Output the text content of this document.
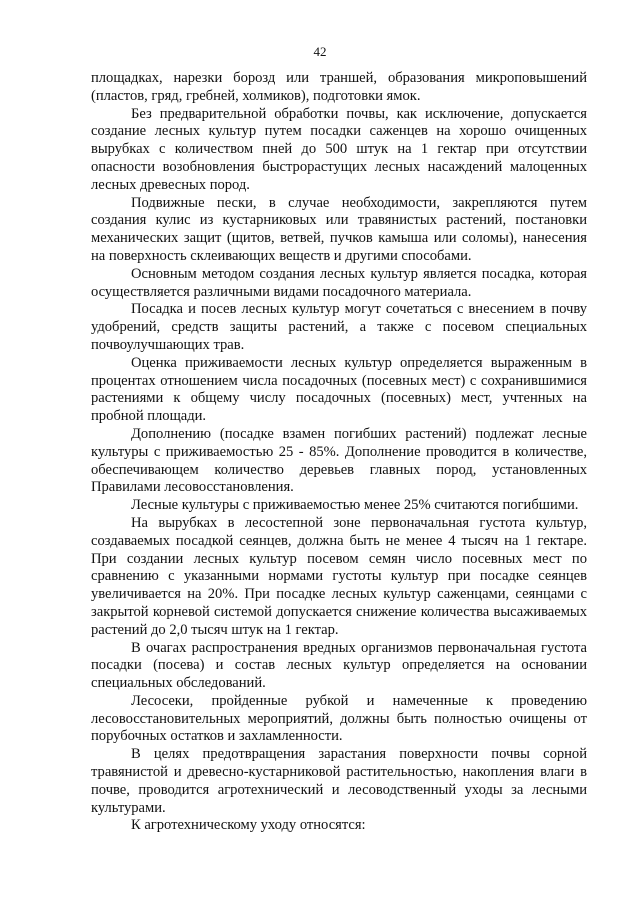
42

площадках, нарезки борозд или траншей, образования микроповышений (пластов, гряд, гребней, холмиков), подготовки ямок.

Без предварительной обработки почвы, как исключение, допускается создание лесных культур путем посадки саженцев на хорошо очищенных вырубках с количеством пней до 500 штук на 1 гектар при отсутствии опасности возобновления быстрорастущих лесных насаждений малоценных лесных древесных пород.

Подвижные пески, в случае необходимости, закрепляются путем создания кулис из кустарниковых или травянистых растений, постановки механических защит (щитов, ветвей, пучков камыша или соломы), нанесения на поверхность склеивающих веществ и другими способами.

Основным методом создания лесных культур является посадка, которая осуществляется различными видами посадочного материала.

Посадка и посев лесных культур могут сочетаться с внесением в почву удобрений, средств защиты растений, а также с посевом специальных почвоулучшающих трав.

Оценка приживаемости лесных культур определяется выраженным в процентах отношением числа посадочных (посевных мест) с сохранившимися растениями к общему числу посадочных (посевных) мест, учтенных на пробной площади.

Дополнению (посадке взамен погибших растений) подлежат лесные культуры с приживаемостью 25 - 85%. Дополнение проводится в количестве, обеспечивающем количество деревьев главных пород, установленных Правилами лесовосстановления.

Лесные культуры с приживаемостью менее 25% считаются погибшими.

На вырубках в лесостепной зоне первоначальная густота культур, создаваемых посадкой сеянцев, должна быть не менее 4 тысяч на 1 гектаре. При создании лесных культур посевом семян число посевных мест по сравнению с указанными нормами густоты культур при посадке сеянцев увеличивается на 20%. При посадке лесных культур саженцами, сеянцами с закрытой корневой системой допускается снижение количества высаживаемых растений до 2,0 тысяч штук на 1 гектар.

В очагах распространения вредных организмов первоначальная густота посадки (посева) и состав лесных культур определяется на основании специальных обследований.

Лесосеки, пройденные рубкой и намеченные к проведению лесовосстановительных мероприятий, должны быть полностью очищены от порубочных остатков и захламленности.

В целях предотвращения зарастания поверхности почвы сорной травянистой и древесно-кустарниковой растительностью, накопления влаги в почве, проводится агротехнический и лесоводственный уходы за лесными культурами.

К агротехническому уходу относятся:
